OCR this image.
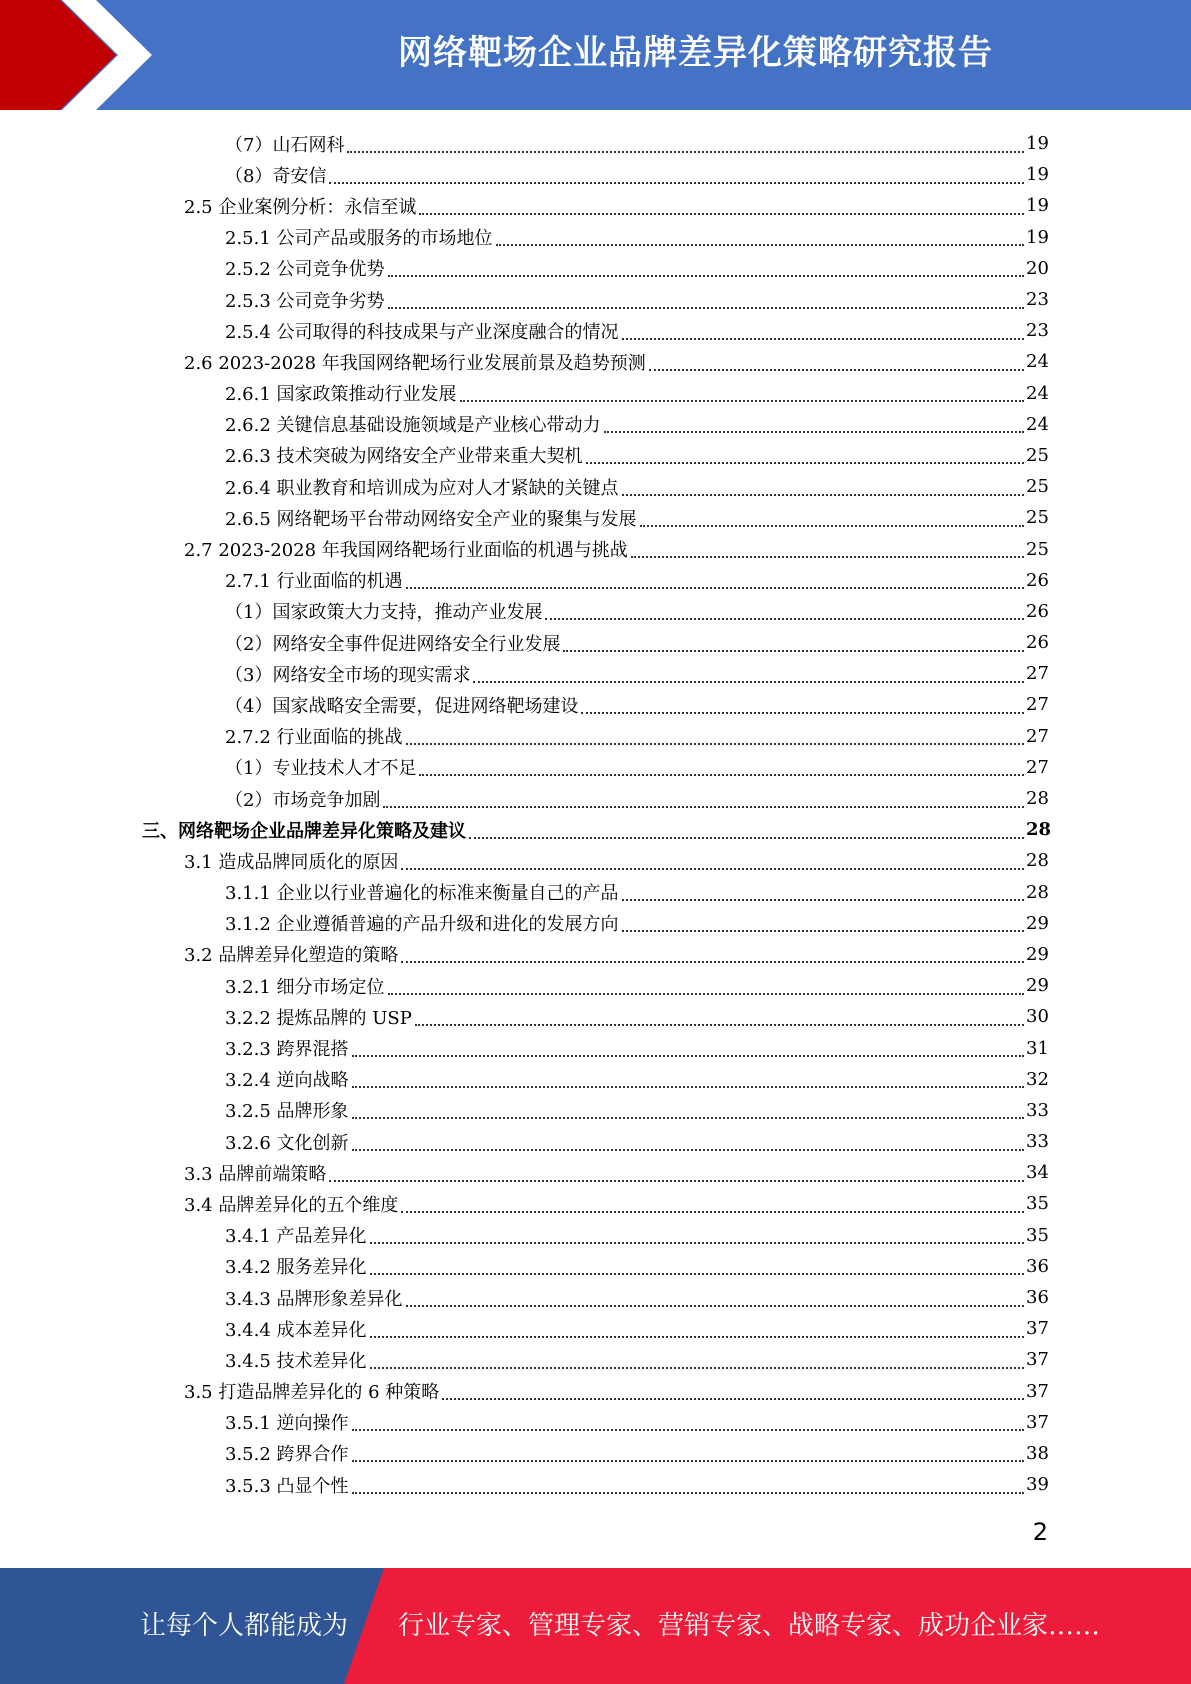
网络靶场企业品牌差异化策略研究报告
（7）山石网科	19
（8）奇安信	19
2.5 企业案例分析：永信至诚	19
2.5.1 公司产品或服务的市场地位	19
2.5.2 公司竞争优势	20
2.5.3 公司竞争劣势	23
2.5.4 公司取得的科技成果与产业深度融合的情况	23
2.6 2023-2028 年我国网络靶场行业发展前景及趋势预测	24
2.6.1 国家政策推动行业发展	24
2.6.2 关键信息基础设施领域是产业核心带动力	24
2.6.3 技术突破为网络安全产业带来重大契机	25
2.6.4 职业教育和培训成为应对人才紧缺的关键点	25
2.6.5 网络靶场平台带动网络安全产业的聚集与发展	25
2.7 2023-2028 年我国网络靶场行业面临的机遇与挑战	25
2.7.1 行业面临的机遇	26
（1）国家政策大力支持，推动产业发展	26
（2）网络安全事件促进网络安全行业发展	26
（3）网络安全市场的现实需求	27
（4）国家战略安全需要，促进网络靶场建设	27
2.7.2 行业面临的挑战	27
（1）专业技术人才不足	27
（2）市场竞争加剧	28
三、网络靶场企业品牌差异化策略及建议	28
3.1 造成品牌同质化的原因	28
3.1.1 企业以行业普遍化的标准来衡量自己的产品	28
3.1.2 企业遵循普遍的产品升级和进化的发展方向	29
3.2 品牌差异化塑造的策略	29
3.2.1 细分市场定位	29
3.2.2 提炼品牌的 USP	30
3.2.3 跨界混搭	31
3.2.4 逆向战略	32
3.2.5 品牌形象	33
3.2.6 文化创新	33
3.3 品牌前端策略	34
3.4 品牌差异化的五个维度	35
3.4.1 产品差异化	35
3.4.2 服务差异化	36
3.4.3 品牌形象差异化	36
3.4.4 成本差异化	37
3.4.5 技术差异化	37
3.5 打造品牌差异化的 6 种策略	37
3.5.1 逆向操作	37
3.5.2 跨界合作	38
3.5.3 凸显个性	39
2
让每个人都能成为 行业专家、管理专家、营销专家、战略专家、成功企业家……
